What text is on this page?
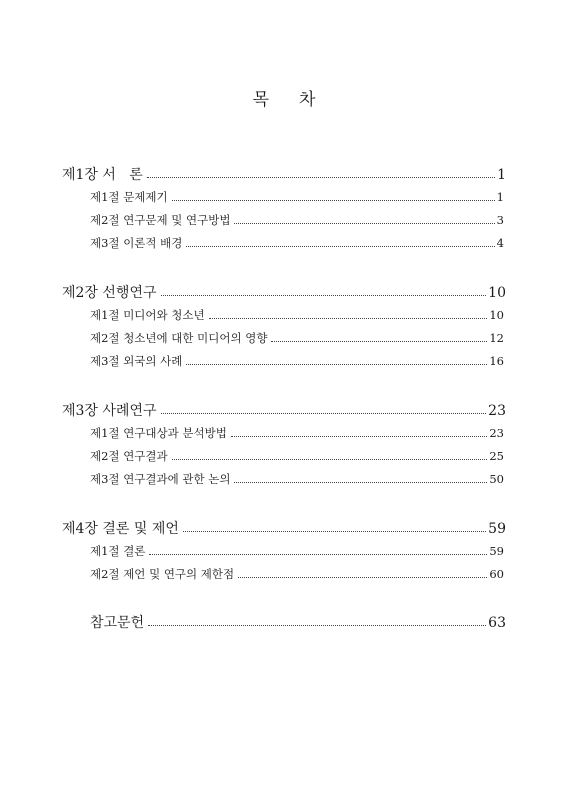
목 차
제1장 서   론	1
제1절 문제제기	1
제2절 연구문제 및 연구방법	3
제3절 이론적 배경	4
제2장 선행연구	10
제1절 미디어와 청소년	10
제2절 청소년에 대한 미디어의 영향	12
제3절 외국의 사례	16
제3장 사례연구	23
제1절 연구대상과 분석방법	23
제2절 연구결과	25
제3절 연구결과에 관한 논의	50
제4장 결론 및 제언	59
제1절 결론	59
제2절 제언 및 연구의 제한점	60
참고문헌	63
